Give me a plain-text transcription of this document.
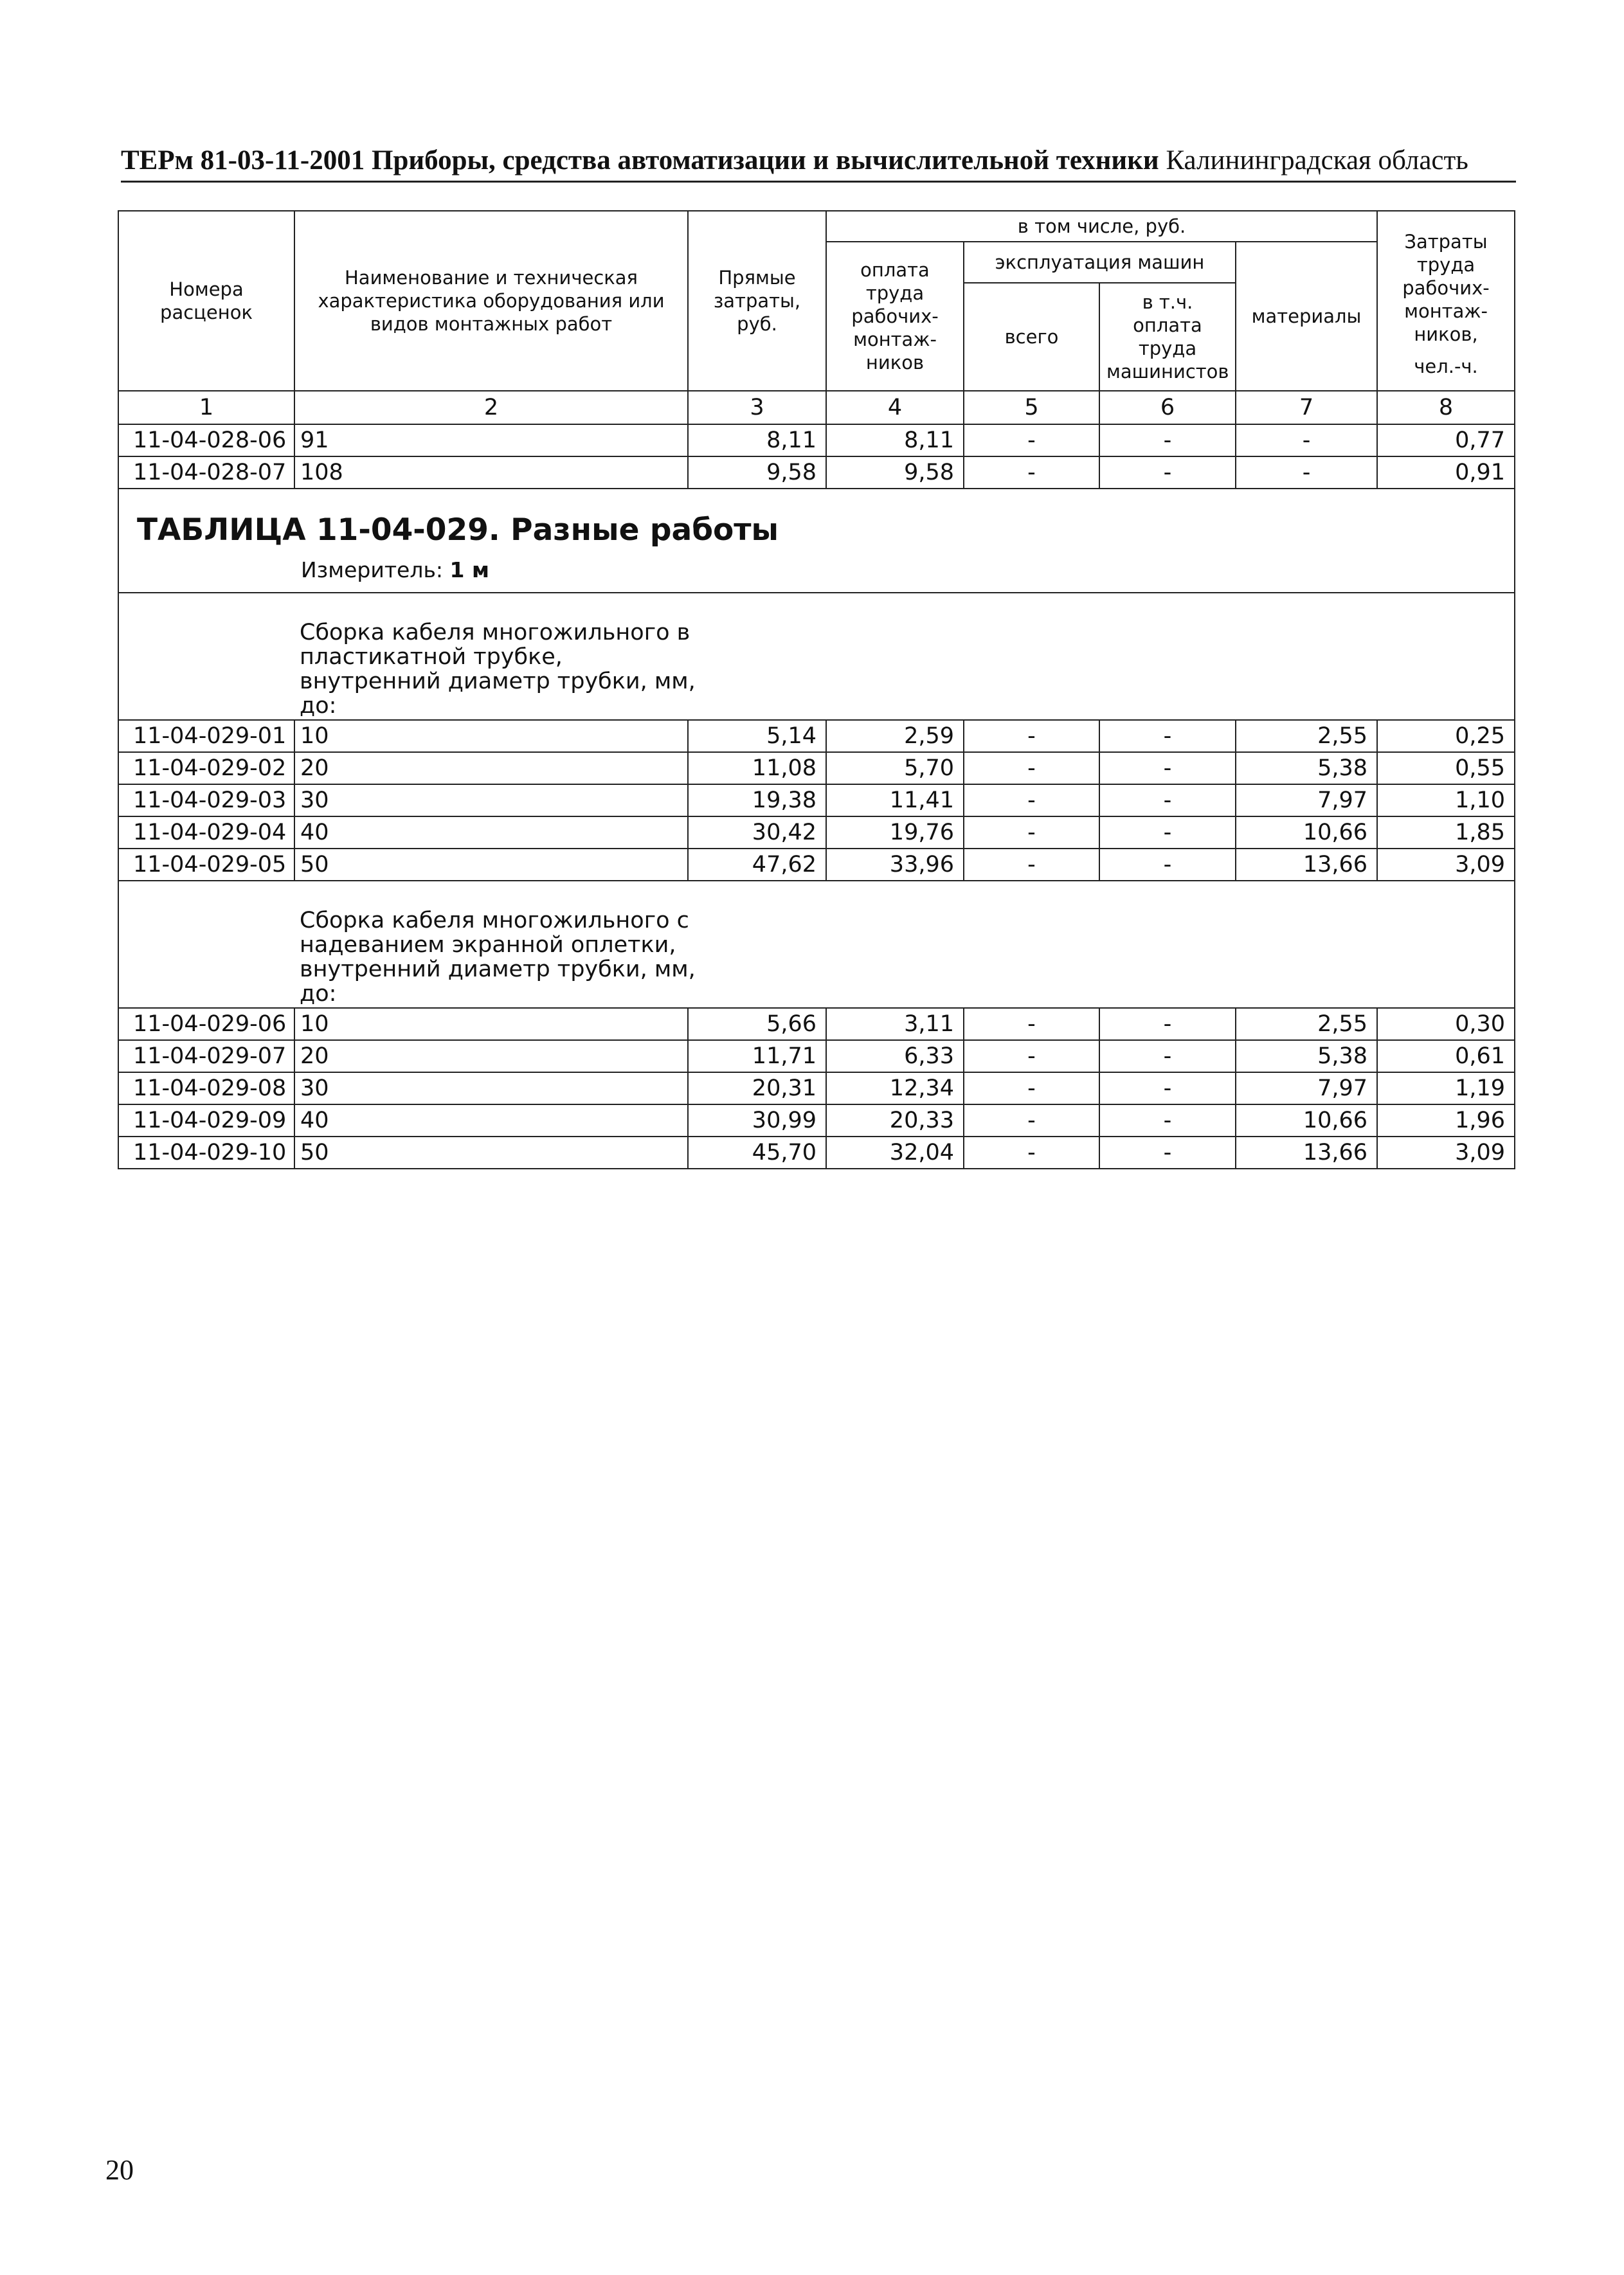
ТЕРм 81-03-11-2001 Приборы, средства автоматизации и вычислительной техники Калининградская область
Номера расценок	Наименование и техническая характеристика оборудования или видов монтажных работ	Прямые затраты, руб.	в том числе, руб.				Затраты труда рабочих-монтаж-ников,
чел.-ч.

			оплата труда рабочих-монтаж-ников	эксплуатация машин		материалы	
				всего	в т.ч. оплата труда машинистов		
1	2	3	4	5	6	7	8
11-04-028-06	91	8,11	8,11	-	-	-	0,77
11-04-028-07	108	9,58	9,58	-	-	-	0,91

ТАБЛИЦА 11-04-029. Разные работы
Измеритель: 1 м							

	Сборка кабеля многожильного в пластикатной трубке, внутренний диаметр трубки, мм, до:						

11-04-029-01	10	5,14	2,59	-	-	2,55	0,25
11-04-029-02	20	11,08	5,70	-	-	5,38	0,55
11-04-029-03	30	19,38	11,41	-	-	7,97	1,10
11-04-029-04	40	30,42	19,76	-	-	10,66	1,85
11-04-029-05	50	47,62	33,96	-	-	13,66	3,09

	Сборка кабеля многожильного с надеванием экранной оплетки, внутренний диаметр трубки, мм, до:						

11-04-029-06	10	5,66	3,11	-	-	2,55	0,30
11-04-029-07	20	11,71	6,33	-	-	5,38	0,61
11-04-029-08	30	20,31	12,34	-	-	7,97	1,19
11-04-029-09	40	30,99	20,33	-	-	10,66	1,96
11-04-029-10	50	45,70	32,04	-	-	13,66	3,09
20
